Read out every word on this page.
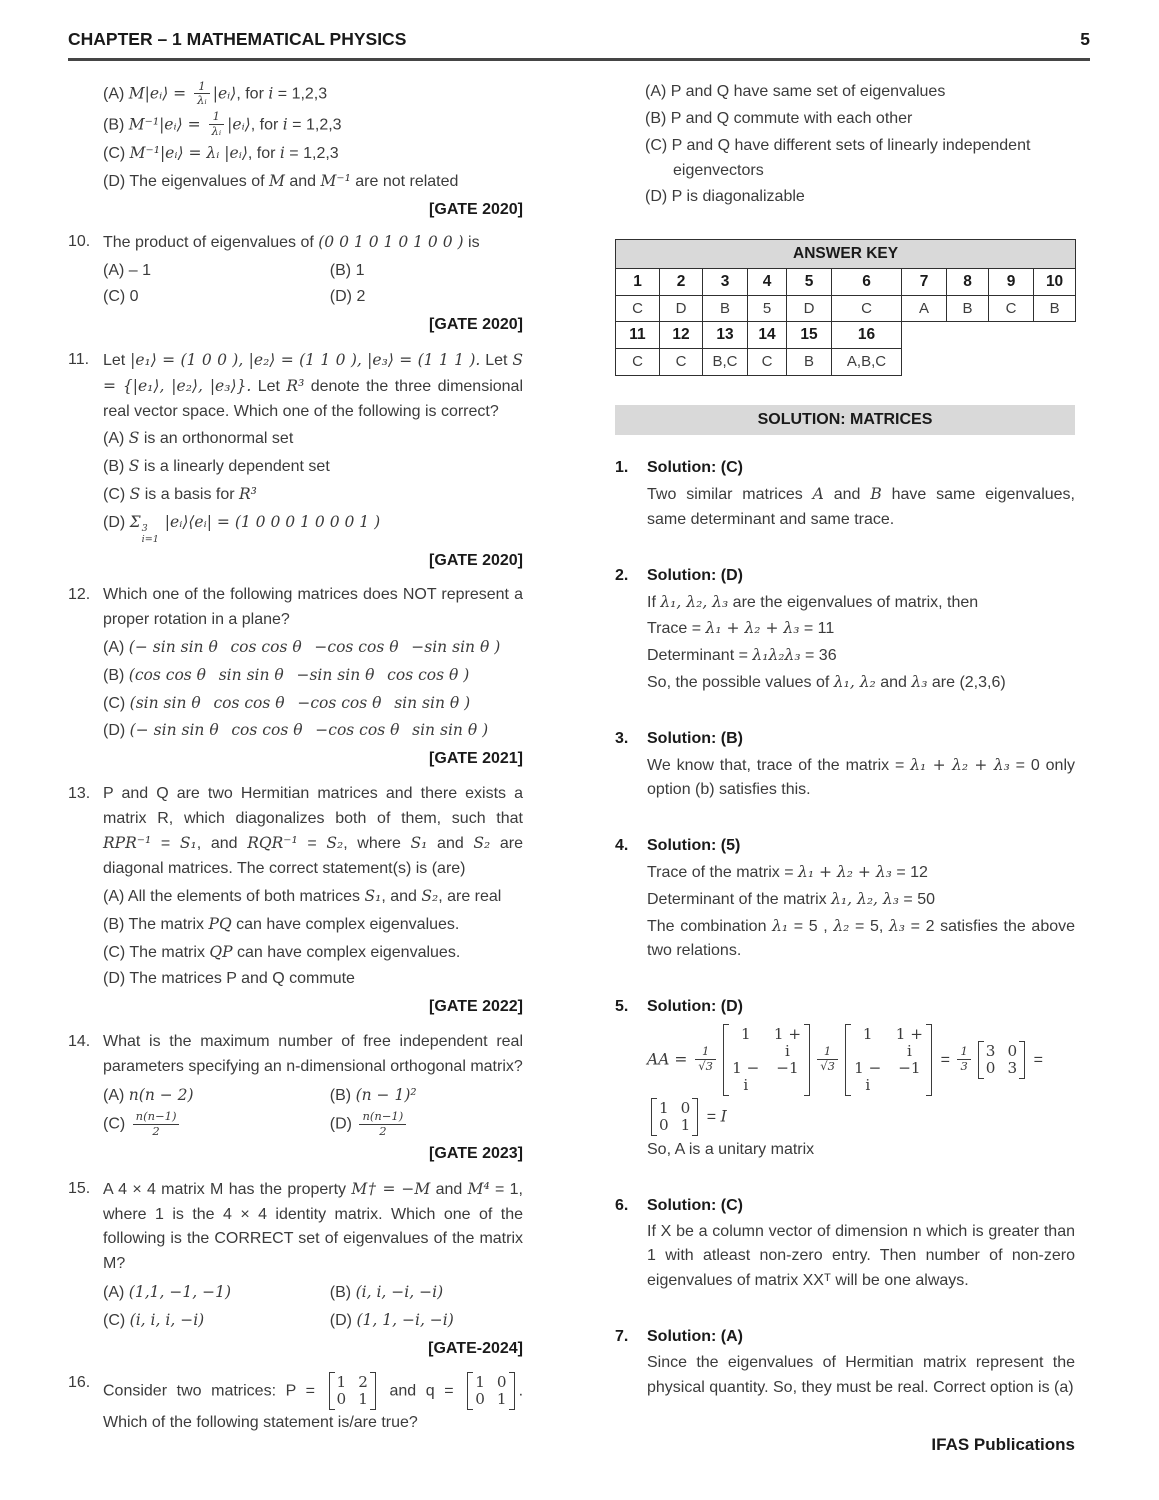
CHAPTER – 1 MATHEMATICAL PHYSICS	5
(A) M|eᵢ⟩ = $\frac{1}{\text{λᵢ}}$ |eᵢ⟩, for i = 1,2,3
(B) M⁻¹|eᵢ⟩ = $\frac{1}{\text{λᵢ}}$ |eᵢ⟩, for i = 1,2,3
(C) M⁻¹|eᵢ⟩ = λᵢ |eᵢ⟩, for i = 1,2,3
(D) The eigenvalues of M and M⁻¹ are not related
[GATE 2020]
10. The product of eigenvalues of (0 0 1 0 1 0 1 0 0 ) is
(A) – 1	(B) 1
(C) 0	(D) 2
[GATE 2020]
11. Let |e₁⟩ = (1 0 0 ), |e₂⟩ = (1 1 0 ), |e₃⟩ = (1 1 1 ). Let S = {|e₁⟩, |e₂⟩, |e₃⟩}. Let R³ denote the three dimensional real vector space. Which one of the following is correct?
(A) S is an orthonormal set
(B) S is a linearly dependent set
(C) S is a basis for R³
(D) Σ 3
i=1
|eᵢ⟩⟨eᵢ| = (1 0 0 0 1 0 0 0 1 )
[GATE 2020]
12. Which one of the following matrices does NOT represent a proper rotation in a plane?
(A) (− sin sin θ  cos cos θ  −cos cos θ  −sin sin θ )
(B) (cos cos θ  sin sin θ  −sin sin θ  cos cos θ )
(C) (sin sin θ  cos cos θ  −cos cos θ  sin sin θ )
(D) (− sin sin θ  cos cos θ  −cos cos θ  sin sin θ )
[GATE 2021]
13. P and Q are two Hermitian matrices and there exists a matrix R, which diagonalizes both of them, such that RPR⁻¹ = S₁, and RQR⁻¹ = S₂, where S₁ and S₂ are diagonal matrices. The correct statement(s) is (are)
(A) All the elements of both matrices S₁, and S₂, are real
(B) The matrix PQ can have complex eigenvalues.
(C) The matrix QP can have complex eigenvalues.
(D) The matrices P and Q commute
[GATE 2022]
14. What is the maximum number of free independent real parameters specifying an n-dimensional orthogonal matrix?
(A) n(n − 2)	(B) (n − 1)²
$(C) \frac{n(n-1)}{2}$	$(D) \frac{n(n-1)}{2}$
[GATE 2023]
15. A 4 × 4 matrix M has the property M† = −M and M⁴ = 1, where 1 is the 4 × 4 identity matrix. Which one of the following is the CORRECT set of eigenvalues of the matrix M?
(A) (1,1, −1, −1)	(B) (i, i, −i, −i)
(C) (i, i, i, −i)	(D) (1, 1, −i, −i)
[GATE-2024]
16. Consider two matrices: P = 1 2
0 1 and q = 1 0
0 1 . Which of the following statement is/are true?
(A) P and Q have same set of eigenvalues
(B) P and Q commute with each other
(C) P and Q have different sets of linearly independent eigenvectors
(D) P is diagonalizable
ANSWER KEY									
1	2	3	4	5	6	7	8	9	10
C	D	B	5	D	C	A	B	C	B
11	12	13	14	15	16				
C	C	B,C	C	B	A,B,C				
SOLUTION: MATRICES
1.	Solution: (C)
Two similar matrices A and B have same eigenvalues, same determinant and same trace.
2.	Solution: (D)
If λ₁, λ₂, λ₃ are the eigenvalues of matrix, then
Trace = λ₁ + λ₂ + λ₃ = 11
Determinant = λ₁λ₂λ₃ = 36
So, the possible values of λ₁, λ₂ and λ₃ are (2,3,6)
3.	Solution: (B)
We know that, trace of the matrix = λ₁ + λ₂ + λ₃ = 0 only option (b) satisfies this.
4.	Solution: (5)
Trace of the matrix = λ₁ + λ₂ + λ₃ = 12
Determinant of the matrix λ₁, λ₂, λ₃ = 50
The combination λ₁ = 5 , λ₂ = 5, λ₃ = 2 satisfies the above two relations.
5.	Solution: (D)
AA = $\frac{1}{√3}$
1	1 + i
1 − i
−1	$\frac{1}{√3}$
1	1 + i
1 − i
$-1 = \frac{1}{3} 3$ 0
0 3 =
1 0
0 1 = I
So, A is a unitary matrix
6.	Solution: (C)
If X be a column vector of dimension n which is greater than 1 with atleast non-zero entry. Then number of non-zero eigenvalues of matrix XXᵀ will be one always.
7.	Solution: (A)
Since the eigenvalues of Hermitian matrix represent the physical quantity. So, they must be real. Correct option is (a)
IFAS Publications
